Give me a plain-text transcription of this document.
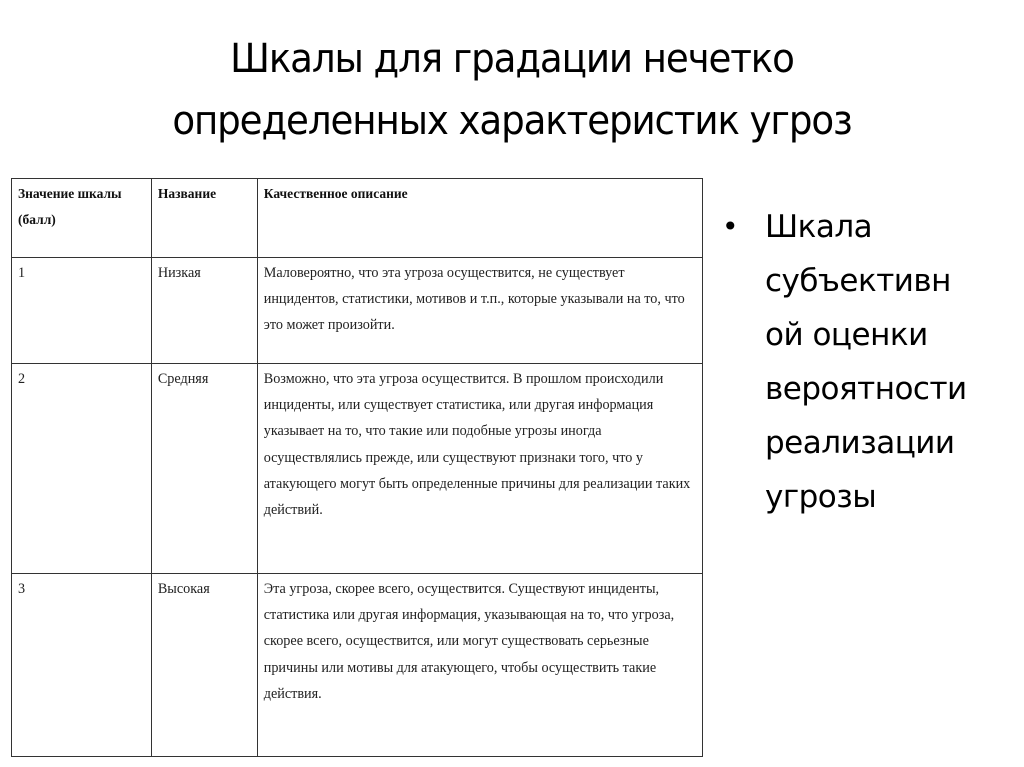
Шкалы для градации нечетко
определенных характеристик угроз
Значение шкалы (балл)	Название	Качественное описание
1	Низкая	Маловероятно, что эта угроза осуществится, не существует инцидентов, статистики, мотивов и т.п., которые указывали на то, что это может произойти.
2	Средняя	Возможно, что эта угроза осуществится. В прошлом происходили инциденты, или существует статистика, или другая информация указывает на то, что такие или подобные угрозы иногда осуществлялись прежде, или существуют признаки того, что у атакующего могут быть определенные причины для реализации таких действий.
3	Высокая	Эта угроза, скорее всего, осуществится. Существуют инциденты, статистика или другая информация, указывающая на то, что угроза, скорее всего, осуществится, или могут существовать серьезные причины или мотивы для атакующего, чтобы осуществить такие действия.
• Шкала
субъективн
ой оценки
вероятности
реализации
угрозы
